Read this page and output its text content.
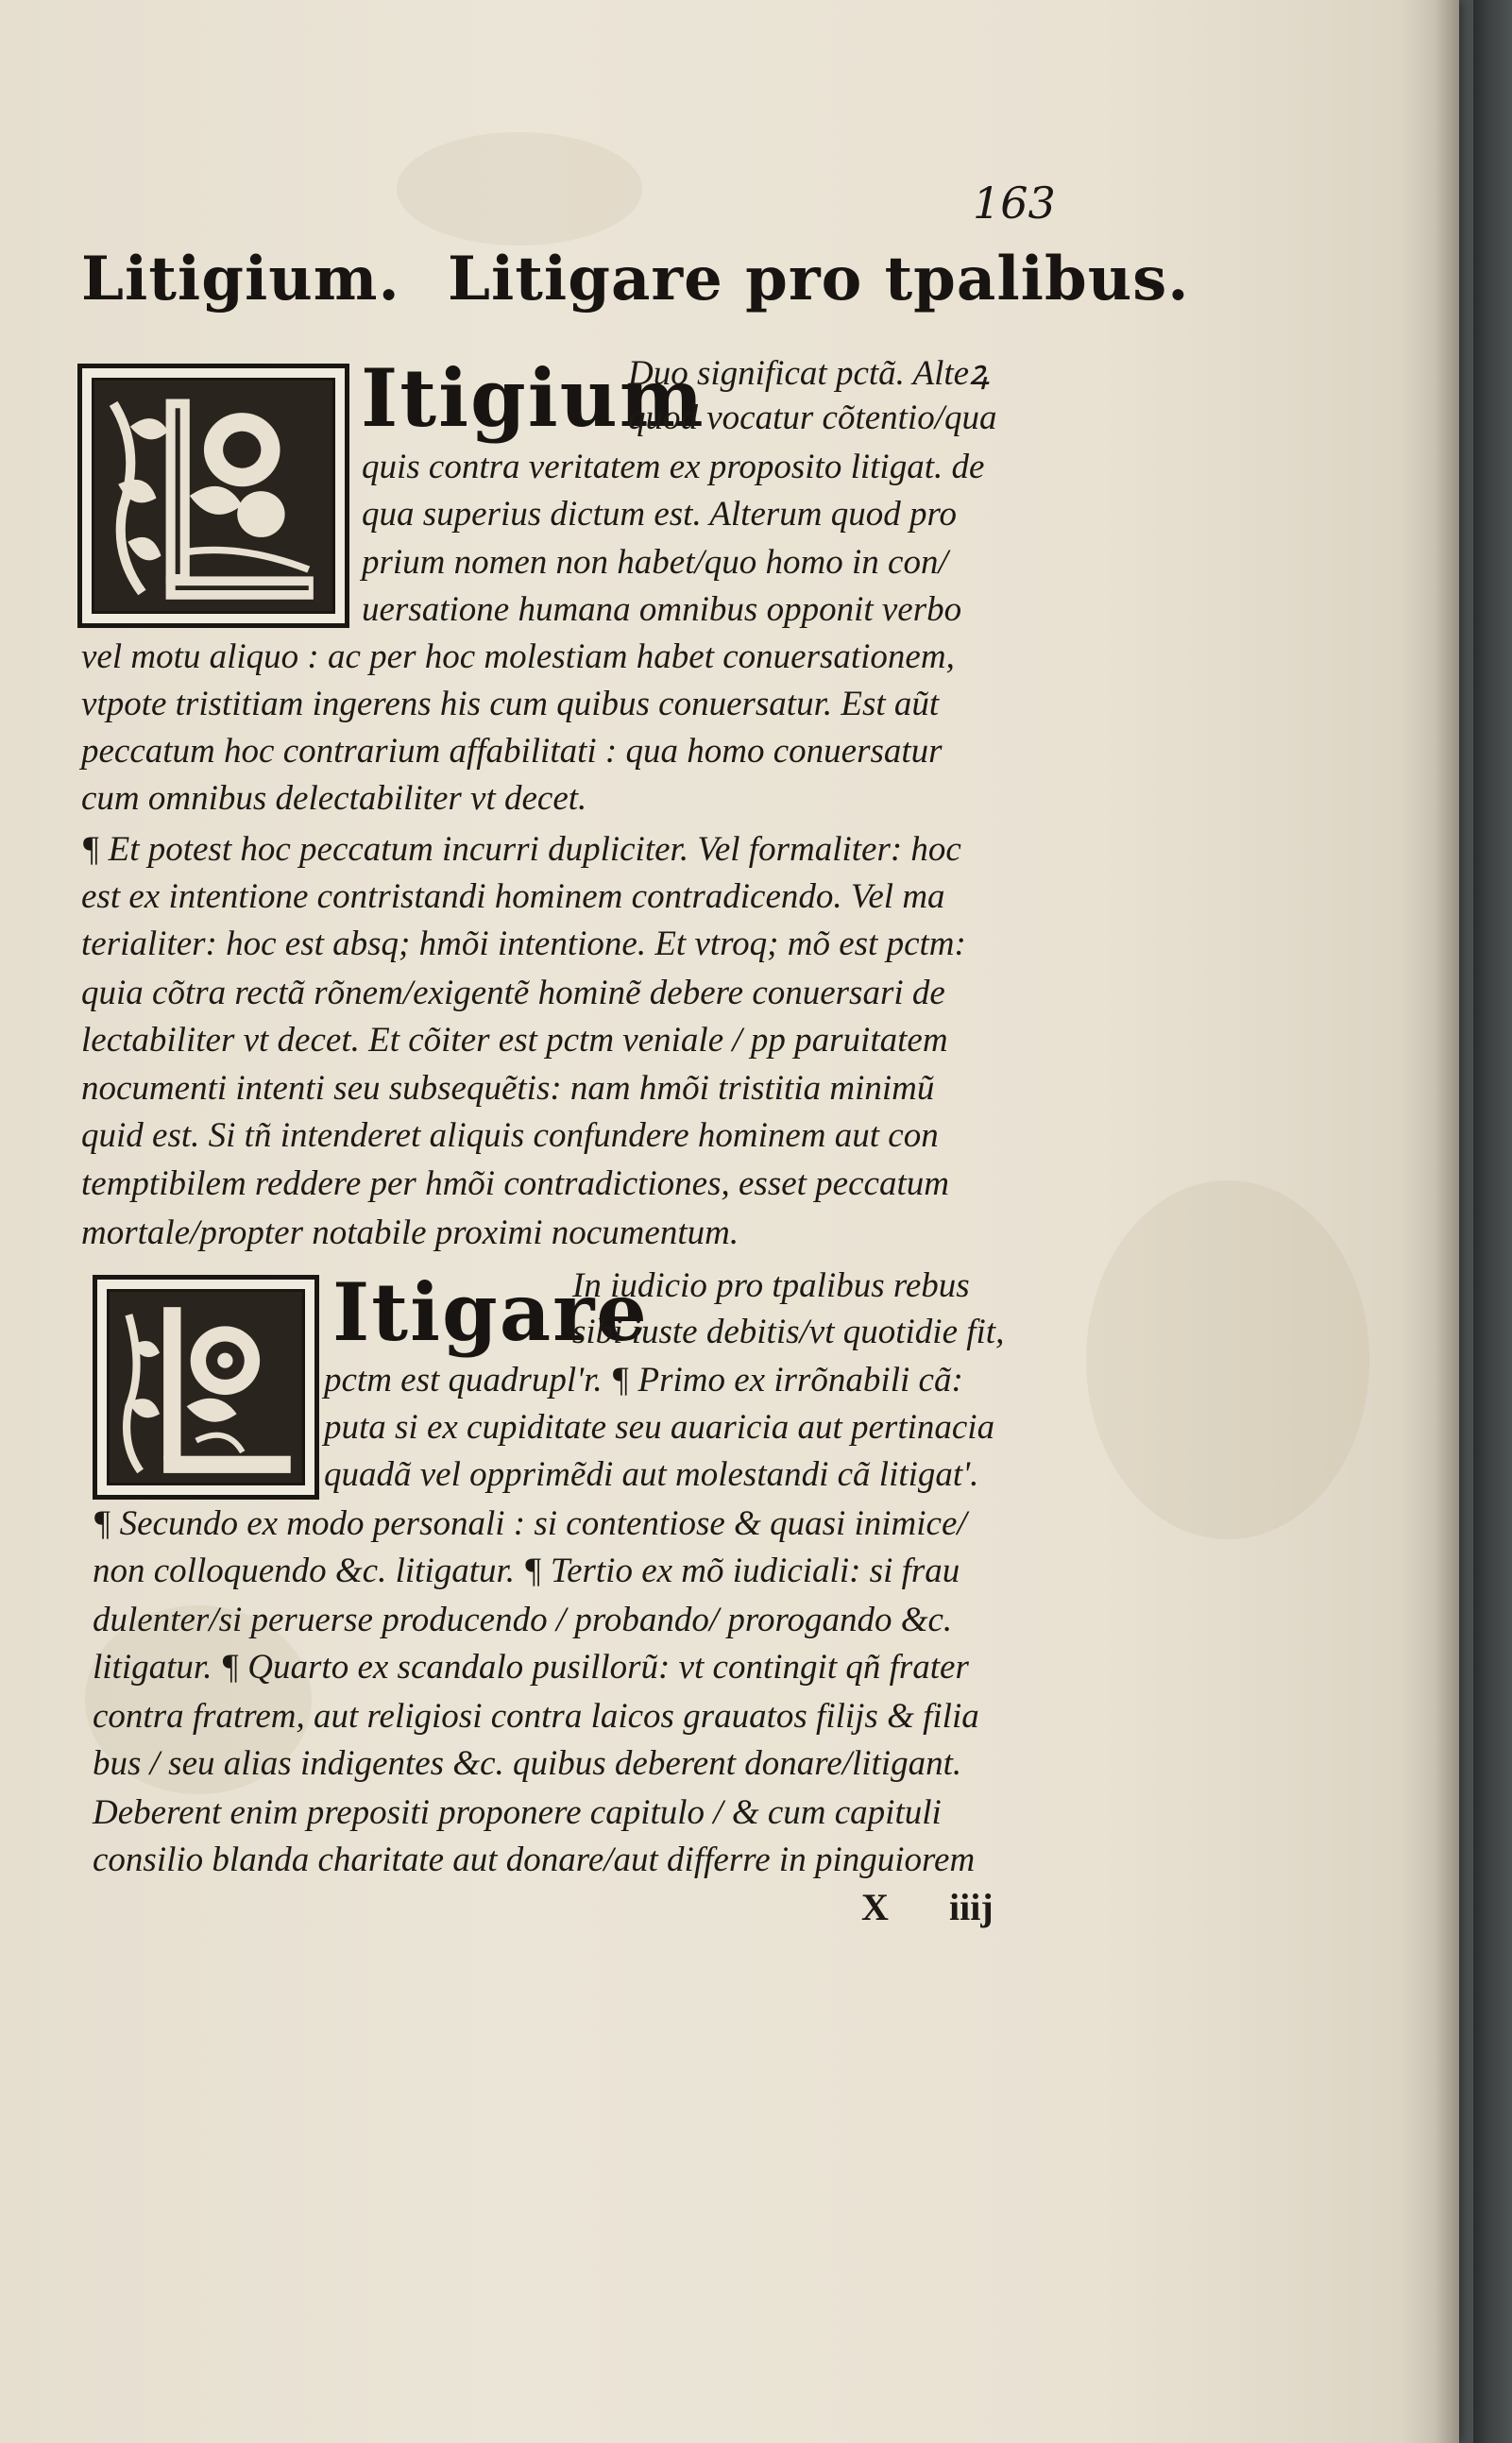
163
Litigium. Litigare pro tpalibus.
Itigium
Duo significat pctã. Alteꝝ
quod vocatur cõtentio/qua
quis contra veritatem ex proposito litigat. de
qua superius dictum est. Alterum quod pro
prium nomen non habet/quo homo in con/
uersatione humana omnibus opponit verbo
vel motu aliquo : ac per hoc molestiam habet conuersationem,
vtpote tristitiam ingerens his cum quibus conuersatur. Est aũt
peccatum hoc contrarium affabilitati : qua homo conuersatur
cum omnibus delectabiliter vt decet.
¶ Et potest hoc peccatum incurri dupliciter. Vel formaliter: hoc
est ex intentione contristandi hominem contradicendo. Vel ma
terialiter: hoc est absq; hmõi intentione. Et vtroq; mõ est pctm:
quia cõtra rectã rõnem/exigentẽ hominẽ debere conuersari de
lectabiliter vt decet. Et cõiter est pctm veniale / pp paruitatem
nocumenti intenti seu subsequẽtis: nam hmõi tristitia minimũ
quid est. Si tñ intenderet aliquis confundere hominem aut con
temptibilem reddere per hmõi contradictiones, esset peccatum
mortale/propter notabile proximi nocumentum.
Itigare
In iudicio pro tpalibus rebus
sibi iuste debitis/vt quotidie fit,
pctm est quadrupl'r. ¶ Primo ex irrõnabili cã:
puta si ex cupiditate seu auaricia aut pertinacia
quadã vel opprimẽdi aut molestandi cã litigat'.
¶ Secundo ex modo personali : si contentiose & quasi inimice/
non colloquendo &c. litigatur. ¶ Tertio ex mõ iudiciali: si frau
dulenter/si peruerse producendo / probando/ prorogando &c.
litigatur. ¶ Quarto ex scandalo pusillorũ: vt contingit qñ frater
contra fratrem, aut religiosi contra laicos grauatos filijs & filia
bus / seu alias indigentes &c. quibus deberent donare/litigant.
Deberent enim prepositi proponere capitulo / & cum capituli
consilio blanda charitate aut donare/aut differre in pinguiorem
X iiij
